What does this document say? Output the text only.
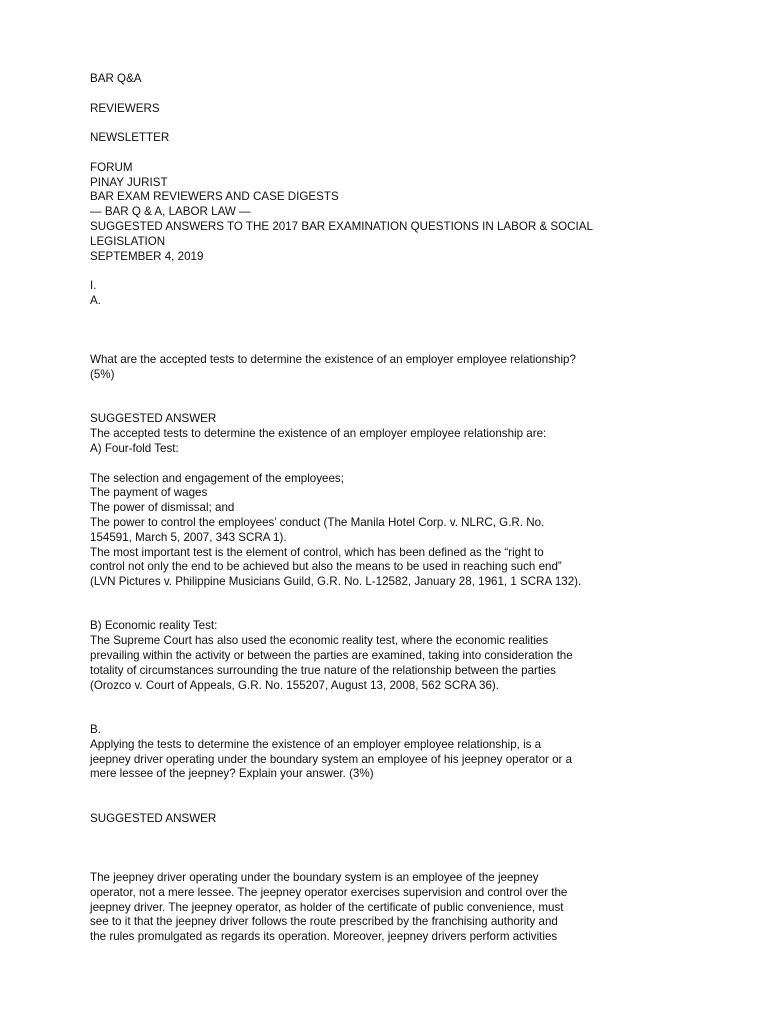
BAR Q&A
REVIEWERS
NEWSLETTER
FORUM
PINAY JURIST
BAR EXAM REVIEWERS AND CASE DIGESTS
— BAR Q & A, LABOR LAW —
SUGGESTED ANSWERS TO THE 2017 BAR EXAMINATION QUESTIONS IN LABOR & SOCIAL
LEGISLATION
SEPTEMBER 4, 2019
I.
A.
What are the accepted tests to determine the existence of an employer employee relationship?
(5%)
SUGGESTED ANSWER
The accepted tests to determine the existence of an employer employee relationship are:
A) Four-fold Test:
The selection and engagement of the employees;
The payment of wages
The power of dismissal; and
The power to control the employees’ conduct (The Manila Hotel Corp. v. NLRC, G.R. No.
154591, March 5, 2007, 343 SCRA 1).
The most important test is the element of control, which has been defined as the “right to
control not only the end to be achieved but also the means to be used in reaching such end”
(LVN Pictures v. Philippine Musicians Guild, G.R. No. L-12582, January 28, 1961, 1 SCRA 132).
B) Economic reality Test:
The Supreme Court has also used the economic reality test, where the economic realities
prevailing within the activity or between the parties are examined, taking into consideration the
totality of circumstances surrounding the true nature of the relationship between the parties
(Orozco v. Court of Appeals, G.R. No. 155207, August 13, 2008, 562 SCRA 36).
B.
Applying the tests to determine the existence of an employer employee relationship, is a
jeepney driver operating under the boundary system an employee of his jeepney operator or a
mere lessee of the jeepney? Explain your answer. (3%)
SUGGESTED ANSWER
The jeepney driver operating under the boundary system is an employee of the jeepney
operator, not a mere lessee. The jeepney operator exercises supervision and control over the
jeepney driver. The jeepney operator, as holder of the certificate of public convenience, must
see to it that the jeepney driver follows the route prescribed by the franchising authority and
the rules promulgated as regards its operation. Moreover, jeepney drivers perform activities
